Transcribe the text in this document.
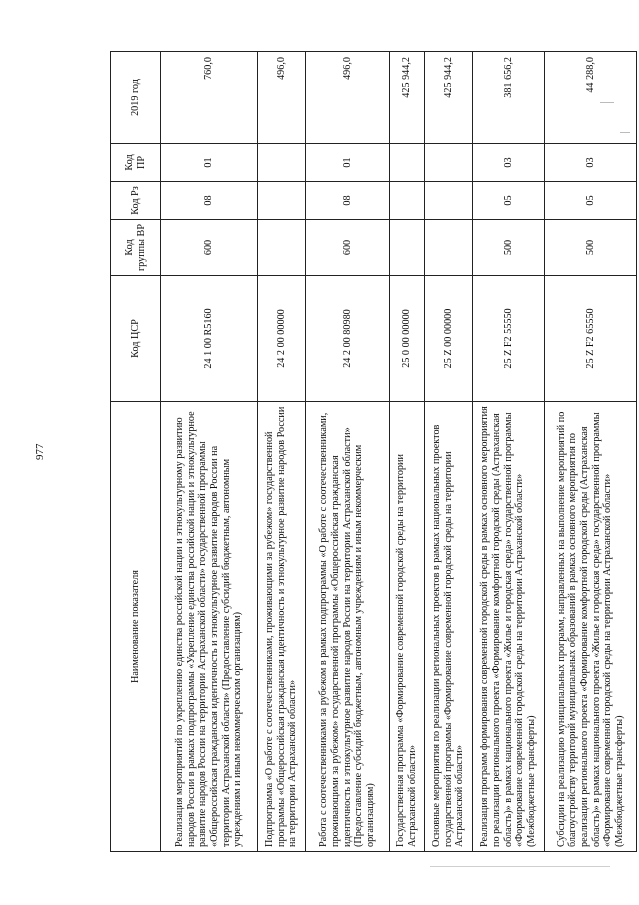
977
Наименование показателя	Код ЦСР	Код группы ВР	Код Рз	Код ПР	2019 год
Реализация мероприятий по укреплению единства российской нации и этнокультурному развитию народов России в рамках подпрограммы «Укрепление единства российской нации и этнокультурное развитие народов России на территории Астраханской области» государственной программы «Общероссийская гражданская идентичность и этнокультурное развитие народов России на территории Астраханской области» (Предоставление субсидий бюджетным, автономным учреждениям и иным некоммерческим организациям)	24 1 00 R5160	600	08	01	760,0
Подпрограмма «О работе с соотечественниками, проживающими за рубежом» государственной программы «Общероссийская гражданская идентичность и этнокультурное развитие народов России на территории Астраханской области»	24 2 00 00000				496,0
Работа с соотечественниками за рубежом в рамках подпрограммы «О работе с соотечественниками, проживающими за рубежом» государственной программы «Общероссийская гражданская идентичность и этнокультурное развитие народов России на территории Астраханской области» (Предоставление субсидий бюджетным, автономным учреждениям и иным некоммерческим организациям)	24 2 00 80980	600	08	01	496,0
Государственная программа «Формирование современной городской среды на территории Астраханской области»	25 0 00 00000				425 944,2
Основные мероприятия по реализации региональных проектов в рамках национальных проектов государственной программы «Формирование современной городской среды на территории Астраханской области»	25 Z 00 00000				425 944,2
Реализация программ формирования современной городской среды в рамках основного мероприятия по реализации регионального проекта «Формирование комфортной городской среды (Астраханская область)» в рамках национального проекта «Жилье и городская среда» государственной программы «Формирование современной городской среды на территории Астраханской области» (Межбюджетные трансферты)	25 Z F2 55550	500	05	03	381 656,2
Субсидии на реализацию муниципальных программ, направленных на выполнение мероприятий по благоустройству территорий муниципальных образований в рамках основного мероприятия по реализации регионального проекта «Формирование комфортной городской среды (Астраханская область)» в рамках национального проекта «Жилье и городская среда» государственной программы «Формирование современной городской среды на территории Астраханской области» (Межбюджетные трансферты)	25 Z F2 65550	500	05	03	44 288,0
